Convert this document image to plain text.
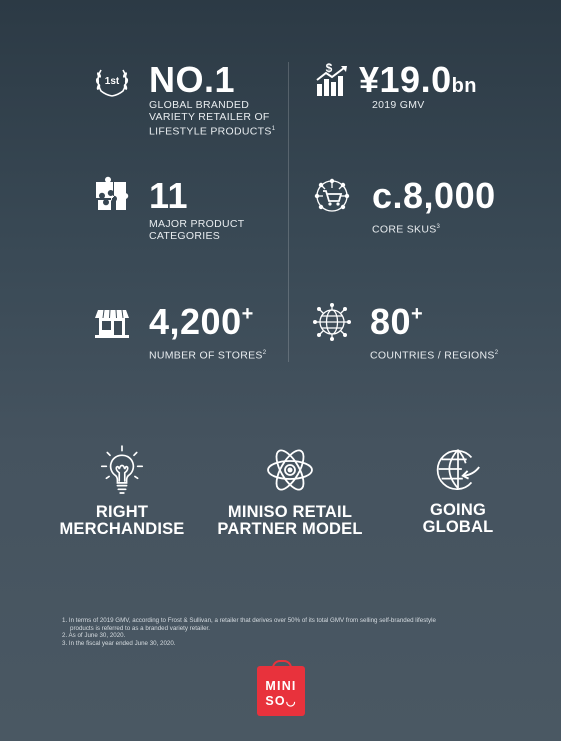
1st NO.1
GLOBAL BRANDED
VARIETY RETAILER OF
LIFESTYLE PRODUCTS$^1$
$ ¥19.0bn
2019 GMV
11
MAJOR PRODUCT
CATEGORIES
c.8,000
CORE SKUS$^3$
4,200+
NUMBER OF STORES$^2$
80+
COUNTRIES / REGIONS$^2$
RIGHT
MERCHANDISE
MINISO RETAIL
PARTNER MODEL
GOING
GLOBAL
1. In terms of 2019 GMV, according to Frost & Sullivan, a retailer that derives over 50% of its total GMV from selling self-branded lifestyle
products is referred to as a branded variety retailer.
2. As of June 30, 2020.
3. In the fiscal year ended June 30, 2020.
MINI
SO◡
